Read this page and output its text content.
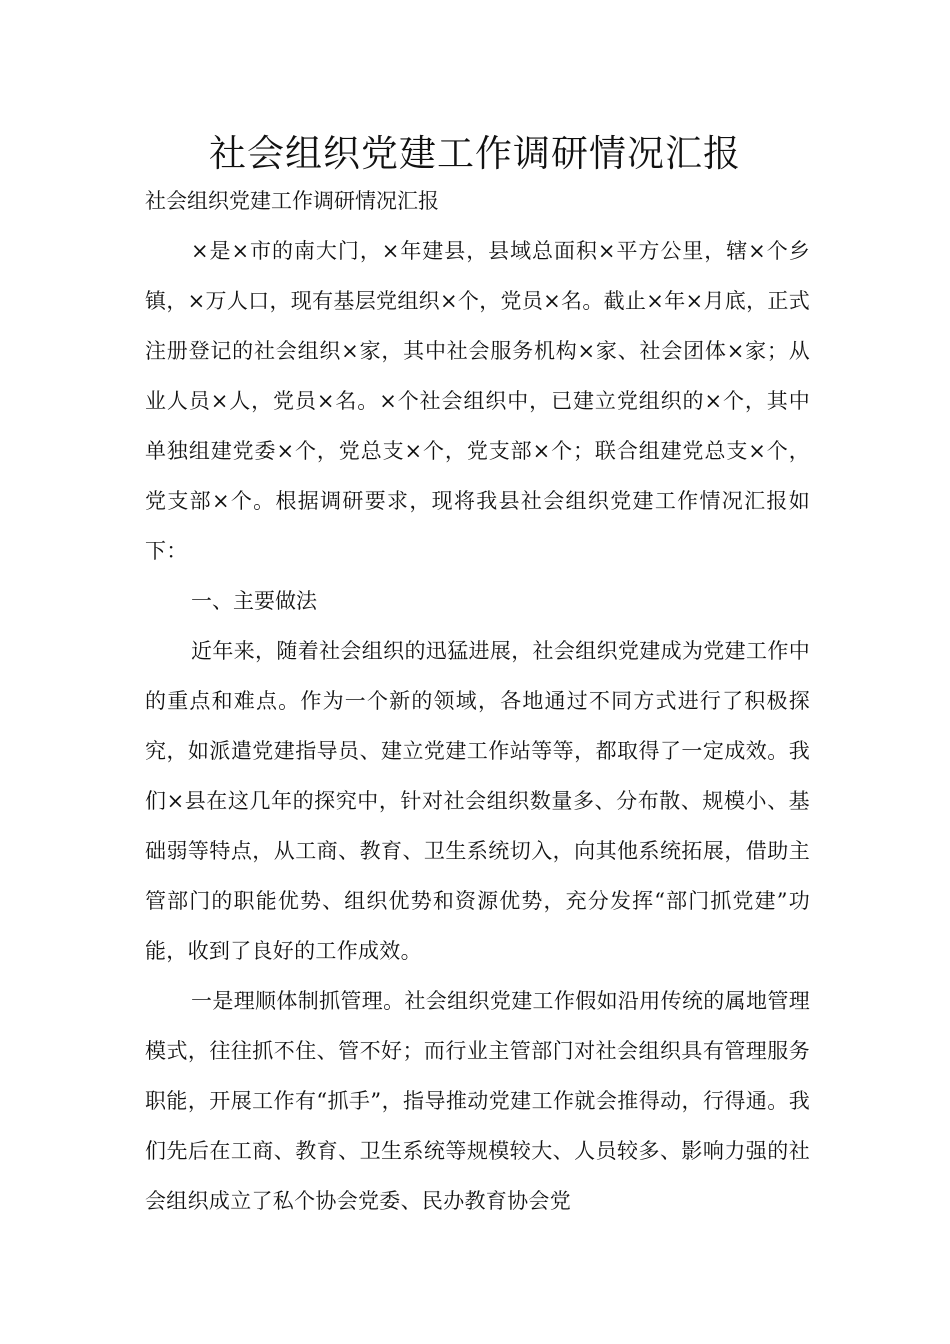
社会组织党建工作调研情况汇报

社会组织党建工作调研情况汇报

×是×市的南大门，×年建县，县域总面积×平方公里，辖×个乡镇，×万人口，现有基层党组织×个，党员×名。截止×年×月底，正式注册登记的社会组织×家，其中社会服务机构×家、社会团体×家；从业人员×人，党员×名。×个社会组织中，已建立党组织的×个，其中单独组建党委×个，党总支×个，党支部×个；联合组建党总支×个，党支部×个。根据调研要求，现将我县社会组织党建工作情况汇报如下：

一、主要做法

近年来，随着社会组织的迅猛进展，社会组织党建成为党建工作中的重点和难点。作为一个新的领域，各地通过不同方式进行了积极探究，如派遣党建指导员、建立党建工作站等等，都取得了一定成效。我们×县在这几年的探究中，针对社会组织数量多、分布散、规模小、基础弱等特点，从工商、教育、卫生系统切入，向其他系统拓展，借助主管部门的职能优势、组织优势和资源优势，充分发挥“部门抓党建”功能，收到了良好的工作成效。

一是理顺体制抓管理。社会组织党建工作假如沿用传统的属地管理模式，往往抓不住、管不好；而行业主管部门对社会组织具有管理服务职能，开展工作有“抓手”，指导推动党建工作就会推得动，行得通。我们先后在工商、教育、卫生系统等规模较大、人员较多、影响力强的社会组织成立了私个协会党委、民办教育协会党
